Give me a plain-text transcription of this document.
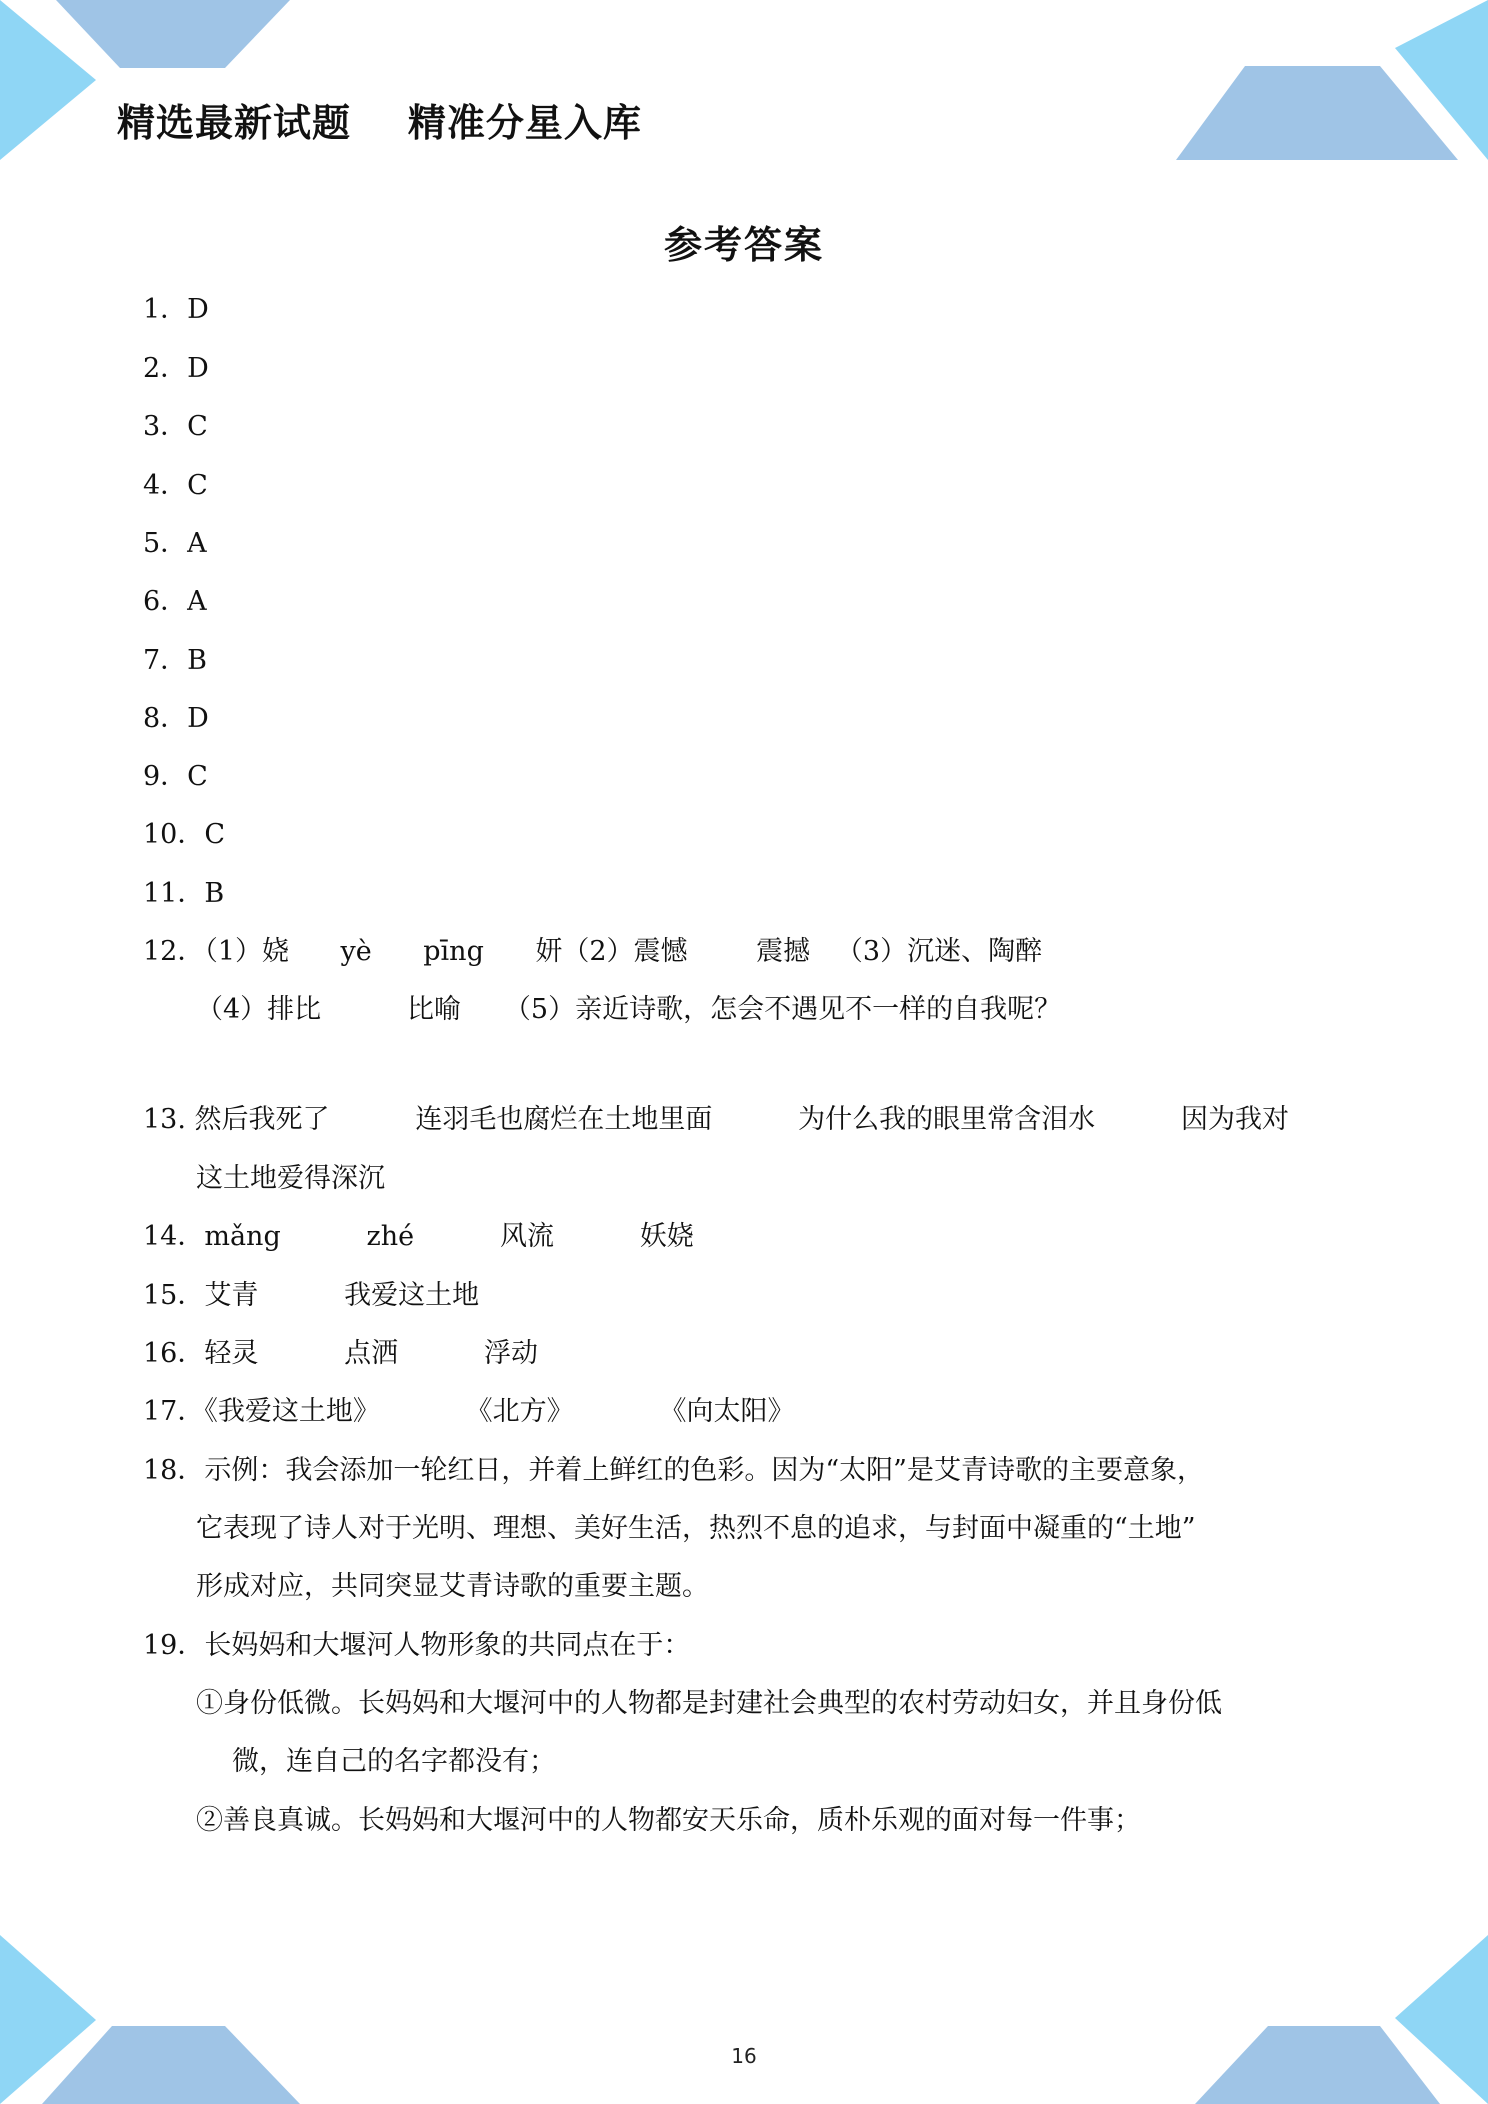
精选最新试题    精准分星入库
参考答案
1．D
2．D
3．C
4．C
5．A
6．A
7．B
8．D
9．C
10．C
11．B
12．（1）娆      yè      pīng      妍（2）震憾        震撼   （3）沉迷、陶醉
（4）排比          比喻     （5）亲近诗歌，怎会不遇见不一样的自我呢？
13. 然后我死了          连羽毛也腐烂在土地里面          为什么我的眼里常含泪水          因为我对
这土地爱得深沉
14．mǎng          zhé          风流          妖娆
15．艾青          我爱这土地
16．轻灵          点洒          浮动
17．《我爱这土地》          《北方》          《向太阳》
18．示例：我会添加一轮红日，并着上鲜红的色彩。因为“太阳”是艾青诗歌的主要意象，
它表现了诗人对于光明、理想、美好生活，热烈不息的追求，与封面中凝重的“土地”
形成对应，共同突显艾青诗歌的重要主题。
19．长妈妈和大堰河人物形象的共同点在于：
①身份低微。长妈妈和大堰河中的人物都是封建社会典型的农村劳动妇女，并且身份低
微，连自己的名字都没有；
②善良真诚。长妈妈和大堰河中的人物都安天乐命，质朴乐观的面对每一件事；
16
